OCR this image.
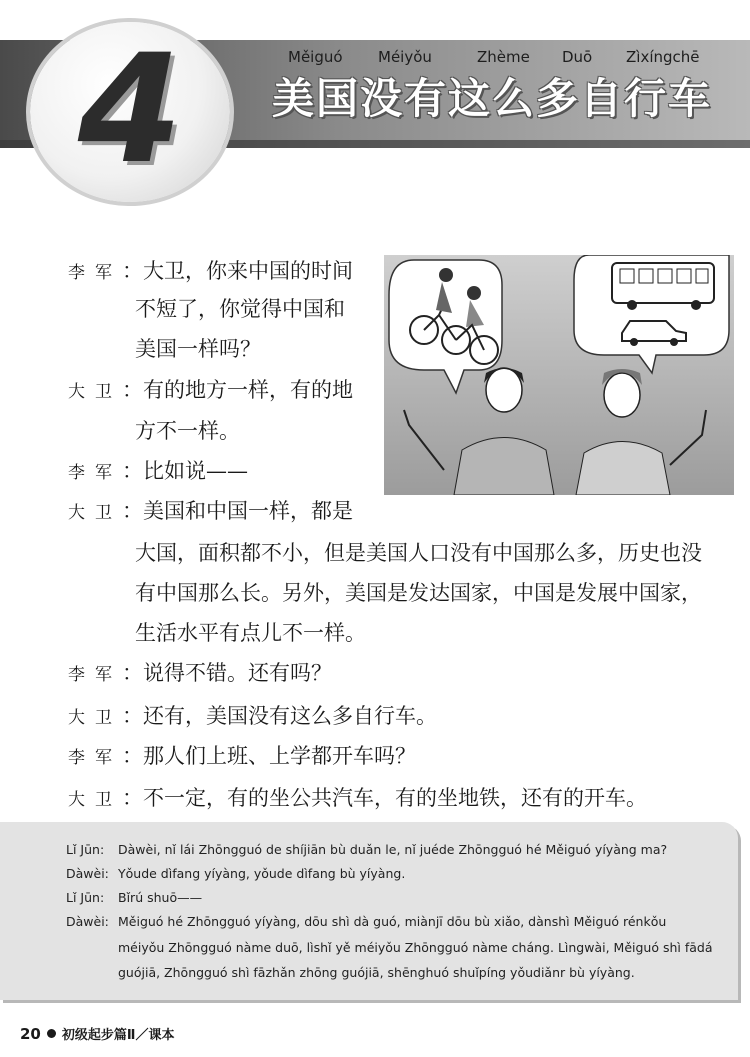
4	Měiguó Méiyǒu	Zhème Duō Zìxíngchē
美国没有这么多自行车
李军：大卫，你来中国的时间
不短了，你觉得中国和
美国一样吗？
大卫：有的地方一样，有的地
方不一样。
李军：比如说——
大卫：美国和中国一样，都是
大国，面积都不小，但是美国人口没有中国那么多，历史也没
有中国那么长。另外，美国是发达国家，中国是发展中国家，
生活水平有点儿不一样。
李军：说得不错。还有吗？
大卫：还有，美国没有这么多自行车。
李军：那人们上班、上学都开车吗？
大卫：不一定，有的坐公共汽车，有的坐地铁，还有的开车。
Lǐ Jūn: Dàwèi, nǐ lái Zhōngguó de shíjiān bù duǎn le, nǐ juéde Zhōngguó hé Měiguó yíyàng ma?
Dàwèi: Yǒude dìfang yíyàng, yǒude dìfang bù yíyàng.
Lǐ Jūn: Bǐrú shuō——
Dàwèi: Měiguó hé Zhōngguó yíyàng, dōu shì dà guó, miànjī dōu bù xiǎo, dànshì Měiguó rénkǒu
méiyǒu Zhōngguó nàme duō, lìshǐ yě méiyǒu Zhōngguó nàme cháng. Lìngwài, Měiguó shì fādá
guójiā, Zhōngguó shì fāzhǎn zhōng guójiā, shēnghuó shuǐpíng yǒudiǎnr bù yíyàng.
20 初级起步篇Ⅱ／课本
